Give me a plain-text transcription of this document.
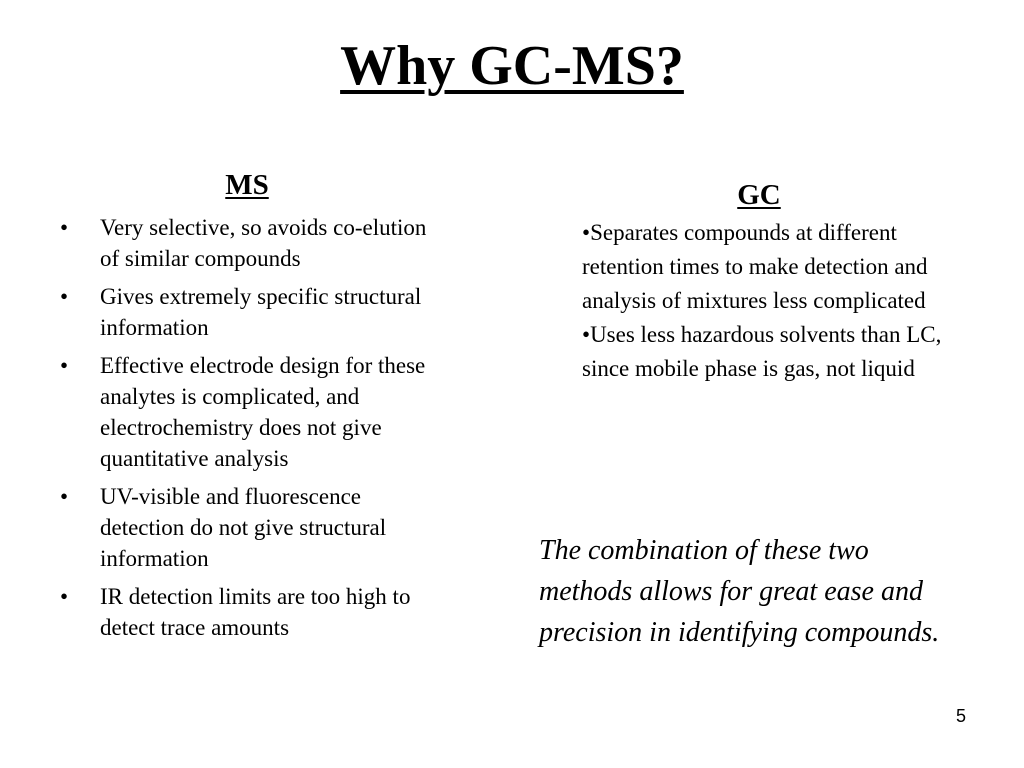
Why GC-MS?
MS
•	Very selective, so avoids co-elution of similar compounds
•	Gives extremely specific structural information
•	Effective electrode design for these analytes is complicated, and electrochemistry does not give quantitative analysis
•	UV-visible and fluorescence detection do not give structural information
•	IR detection limits are too high to detect trace amounts
GC
•Separates compounds at different retention times to make detection and analysis of mixtures less complicated
•Uses less hazardous solvents than LC, since mobile phase is gas, not liquid

The combination of these two methods allows for great ease and precision in identifying compounds.

5
